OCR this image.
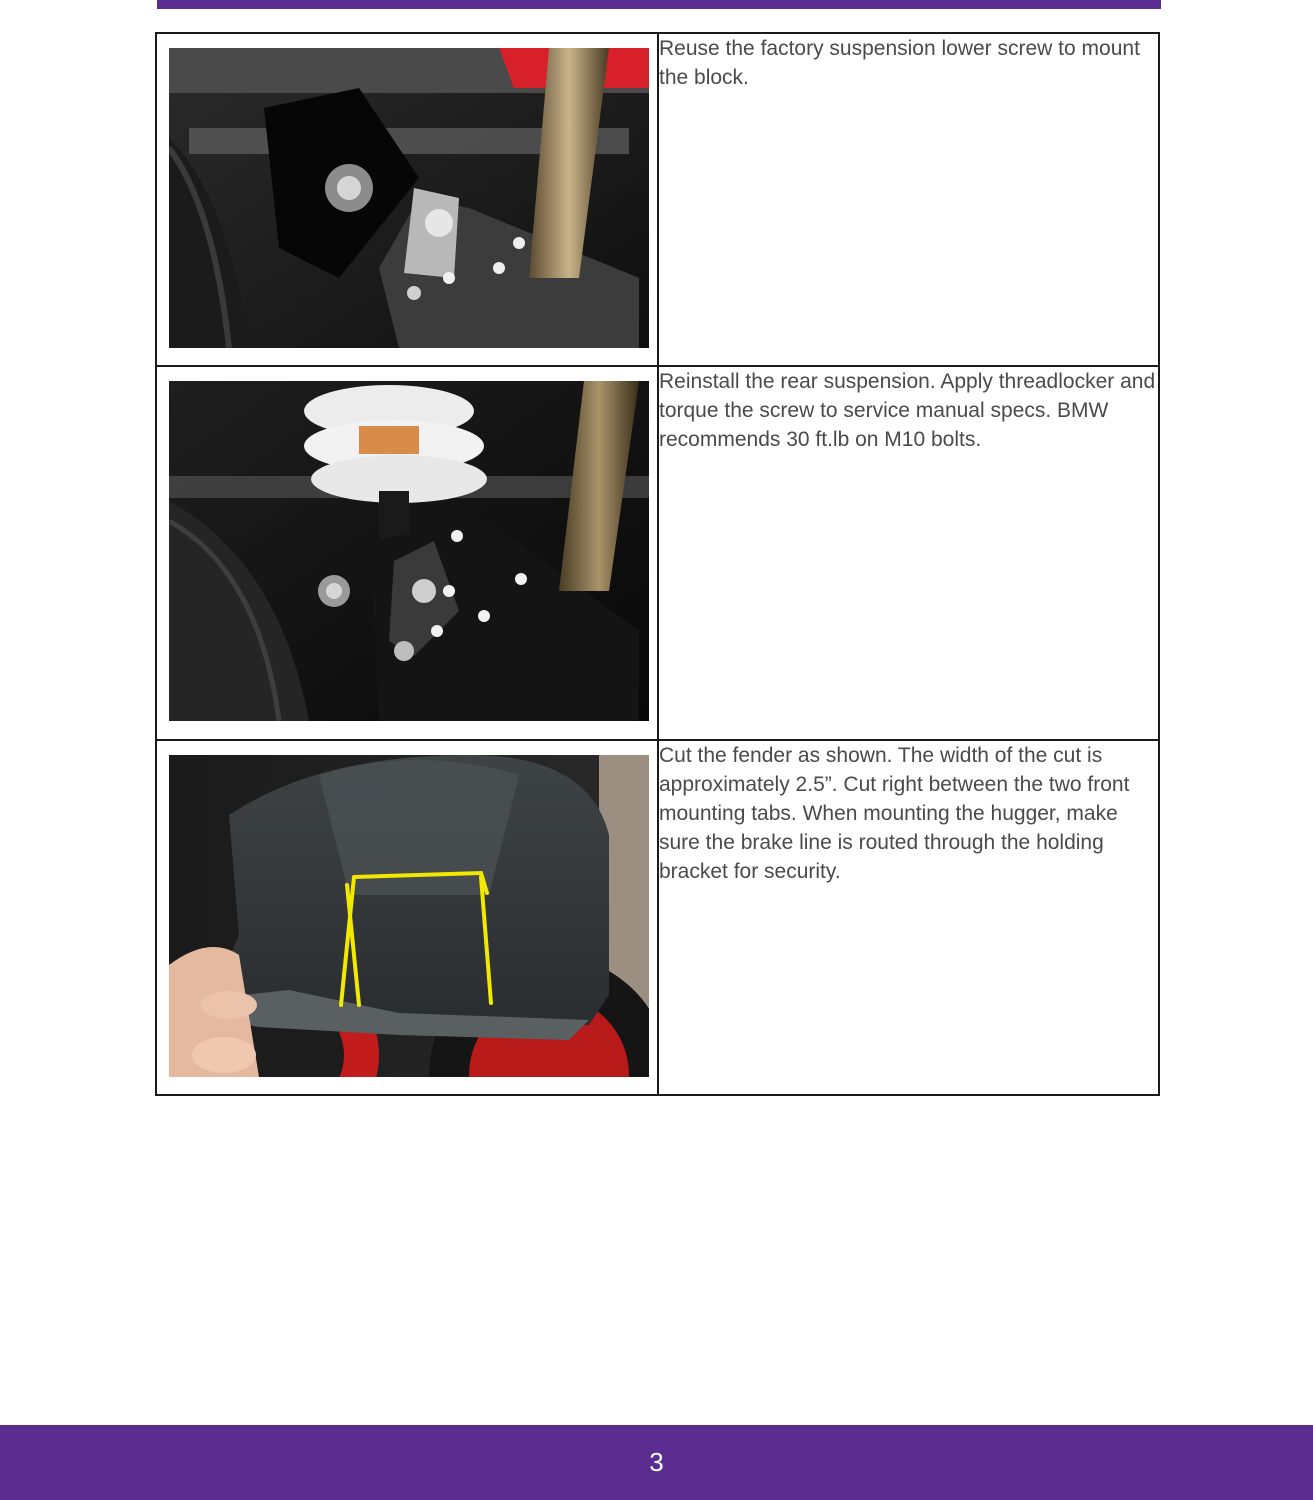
	Reuse the factory suspension lower screw to mount the block.

	Reinstall the rear suspension. Apply threadlocker and torque the screw to service manual specs. BMW recommends 30 ft.lb on M10 bolts.

	Cut the fender as shown. The width of the cut is approximately 2.5”. Cut right between the two front mounting tabs. When mounting the hugger, make sure the brake line is routed through the holding bracket for security.
3
